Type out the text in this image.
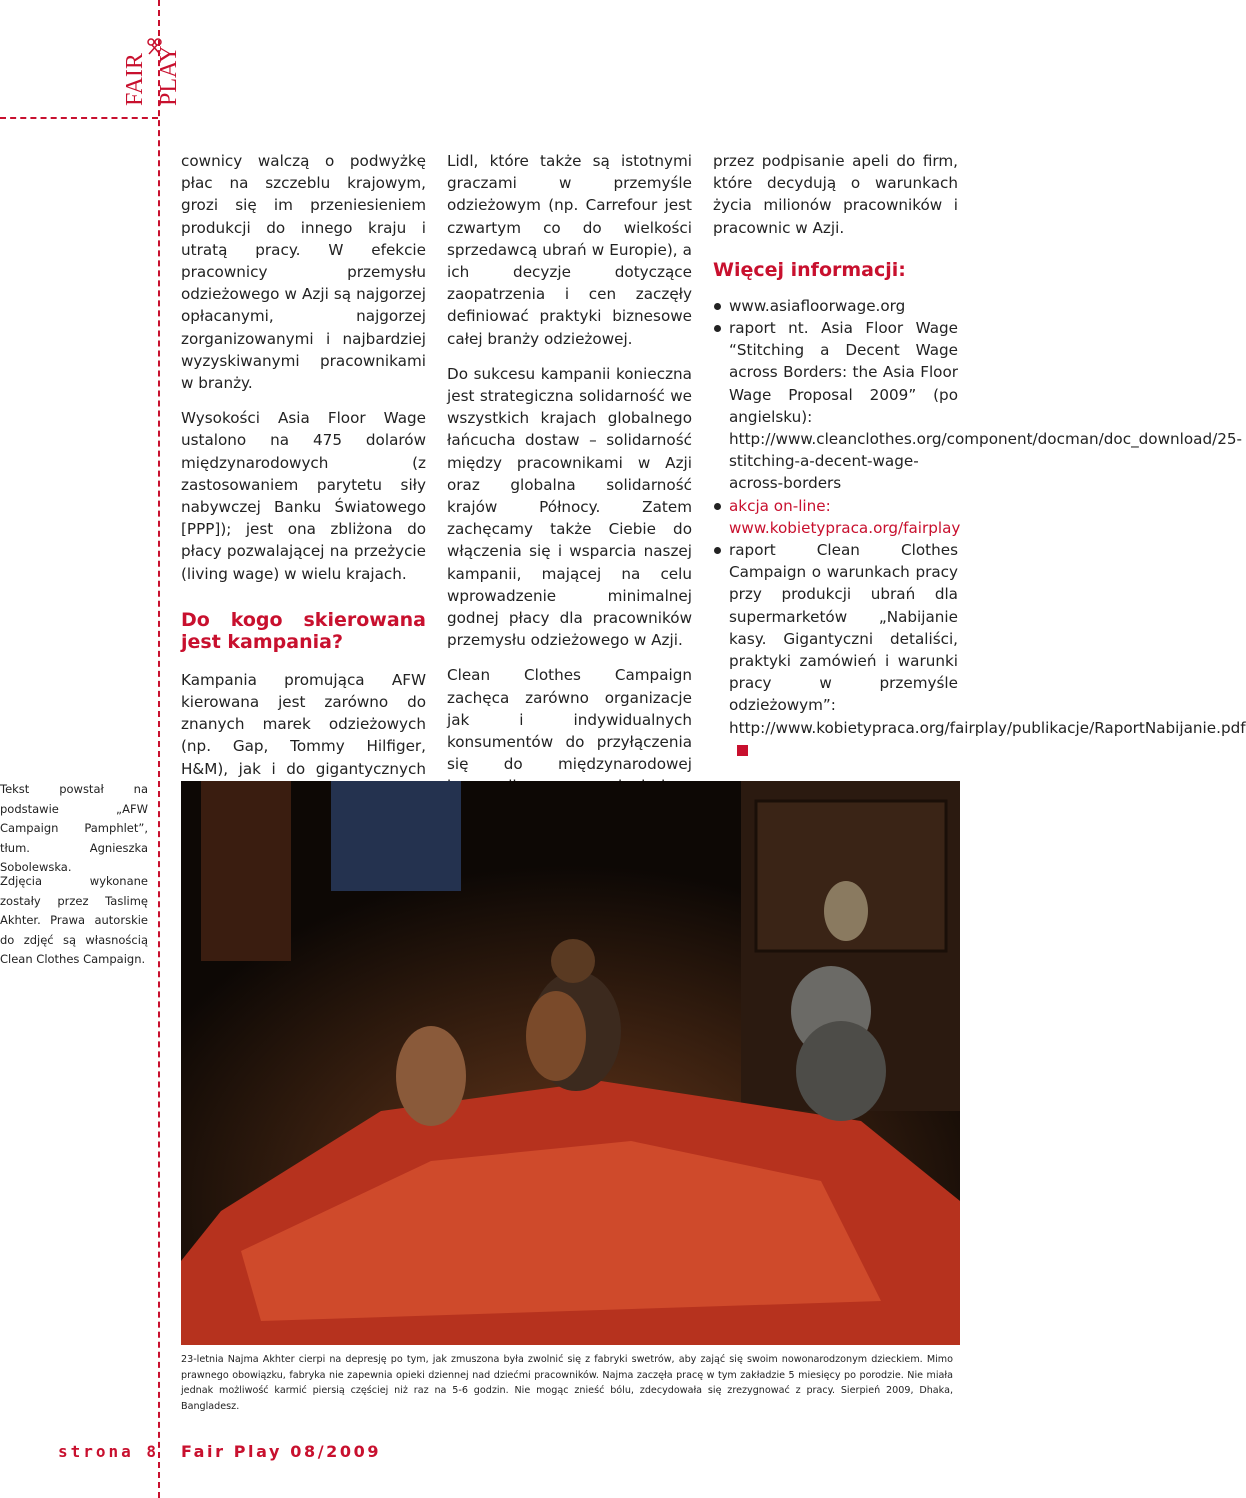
FAIR PLAY

cownicy walczą o podwyżkę płac na szczeblu krajowym, grozi się im przeniesieniem produkcji do innego kraju i utratą pracy. W efekcie pracownicy przemysłu odzieżowego w Azji są najgorzej opłacanymi, najgorzej zorganizowanymi i najbardziej wyzyskiwanymi pracownikami w branży.

Wysokości Asia Floor Wage ustalono na 475 dolarów międzynarodowych (z zastosowaniem parytetu siły nabywczej Banku Światowego [PPP]); jest ona zbliżona do płacy pozwalającej na przeżycie (living wage) w wielu krajach.

Do kogo skierowana jest kampania?

Kampania promująca AFW kierowana jest zarówno do znanych marek odzieżowych (np. Gap, Tommy Hilfiger, H&M), jak i do gigantycznych

Lidl, które także są istotnymi graczami w przemyśle odzieżowym (np. Carrefour jest czwartym co do wielkości sprzedawcą ubrań w Europie), a ich decyzje dotyczące zaopatrzenia i cen zaczęły definiować praktyki biznesowe całej branży odzieżowej.

Do sukcesu kampanii konieczna jest strategiczna solidarność we wszystkich krajach globalnego łańcucha dostaw – solidarność między pracownikami w Azji oraz globalna solidarność krajów Północy. Zatem zachęcamy także Ciebie do włączenia się i wsparcia naszej kampanii, mającej na celu wprowadzenie minimalnej godnej płacy dla pracowników przemysłu odzieżowego w Azji.

Clean Clothes Campaign zachęca zarówno organizacje jak i indywidualnych konsumentów do przyłączenia się do międzynarodowej

przez podpisanie apeli do firm, które decydują o warunkach życia milionów pracowników i pracownic w Azji.

Więcej informacji:
www.asiafloorwage.org
raport nt. Asia Floor Wage “Stitching a Decent Wage across Borders: the Asia Floor Wage Proposal 2009” (po angielsku): http://www.cleanclothes.org/component/docman/doc_download/25-stitching-a-decent-wage-across-borders
akcja on-line:
www.kobietypraca.org/fairplay
raport Clean Clothes Campaign o warunkach pracy przy produkcji ubrań dla supermarketów „Nabijanie kasy. Gigantyczni detaliści, praktyki zamówień i warunki pracy w przemyśle odzieżowym”: http://www.kobietypraca.org/fairplay/publikacje/RaportNabijanie.pdf
Tekst powstał na podstawie „AFW Campaign Pamphlet”, tłum. Agnieszka Sobolewska.
Zdjęcia wykonane zostały przez Taslimę Akhter. Prawa autorskie do zdjęć są własnością Clean Clothes Campaign.
23-letnia Najma Akhter cierpi na depresję po tym, jak zmuszona była zwolnić się z fabryki swetrów, aby zająć się swoim nowonarodzonym dzieckiem. Mimo prawnego obowiązku, fabryka nie zapewnia opieki dziennej nad dziećmi pracowników. Najma zaczęła pracę w tym zakładzie 5 miesięcy po porodzie. Nie miała jednak możliwość karmić piersią częściej niż raz na 5-6 godzin. Nie mogąc znieść bólu, zdecydowała się zrezygnować z pracy. Sierpień 2009, Dhaka, Bangladesz.
strona 8 Fair Play 08/2009
